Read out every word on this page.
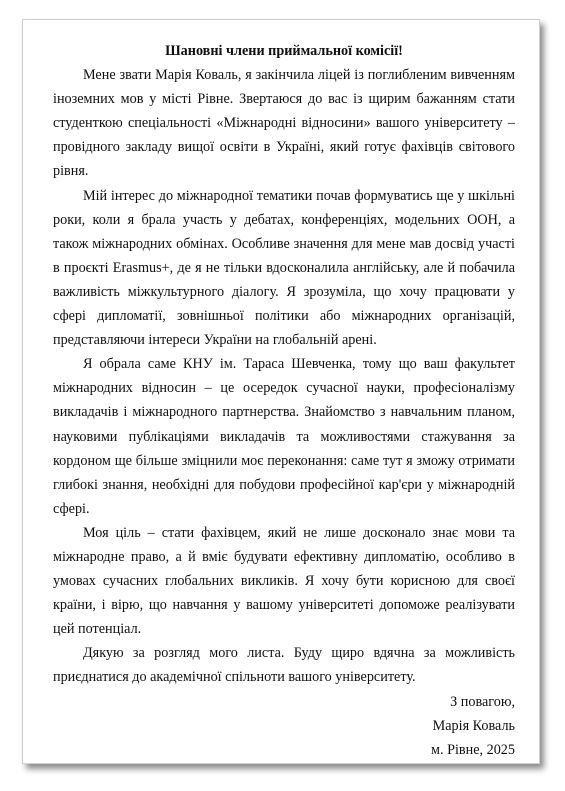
Шановні члени приймальної комісії!

Мене звати Марія Коваль, я закінчила ліцей із поглибленим вивченням іноземних мов у місті Рівне. Звертаюся до вас із щирим бажанням стати студенткою спеціальності «Міжнародні відносини» вашого університету – провідного закладу вищої освіти в Україні, який готує фахівців світового рівня.

Мій інтерес до міжнародної тематики почав формуватись ще у шкільні роки, коли я брала участь у дебатах, конференціях, модельних ООН, а також міжнародних обмінах. Особливе значення для мене мав досвід участі в проєкті Erasmus+, де я не тільки вдосконалила англійську, але й побачила важливість міжкультурного діалогу. Я зрозуміла, що хочу працювати у сфері дипломатії, зовнішньої політики або міжнародних організацій, представляючи інтереси України на глобальній арені.

Я обрала саме КНУ ім. Тараса Шевченка, тому що ваш факультет міжнародних відносин – це осередок сучасної науки, професіоналізму викладачів і міжнародного партнерства. Знайомство з навчальним планом, науковими публікаціями викладачів та можливостями стажування за кордоном ще більше зміцнили моє переконання: саме тут я зможу отримати глибокі знання, необхідні для побудови професійної кар'єри у міжнародній сфері.

Моя ціль – стати фахівцем, який не лише досконало знає мови та міжнародне право, а й вміє будувати ефективну дипломатію, особливо в умовах сучасних глобальних викликів. Я хочу бути корисною для своєї країни, і вірю, що навчання у вашому університеті допоможе реалізувати цей потенціал.

Дякую за розгляд мого листа. Буду щиро вдячна за можливість приєднатися до академічної спільноти вашого університету.

З повагою,

Марія Коваль

м. Рівне, 2025
